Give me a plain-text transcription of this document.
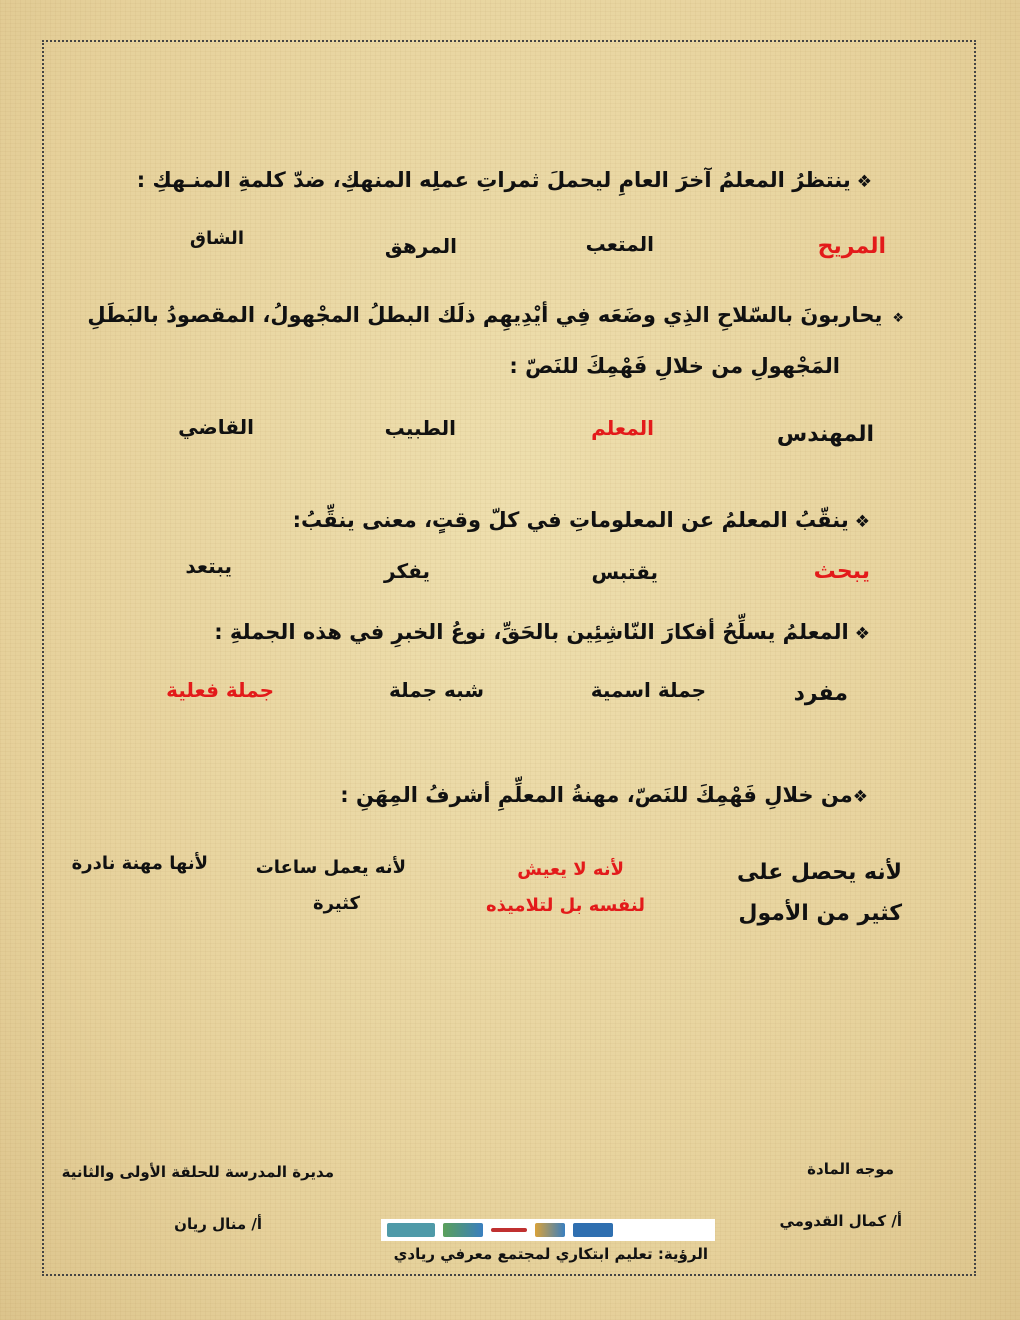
❖ينتظرُ المعلمُ آخرَ العامِ ليحملَ ثمراتِ عملِه المنهكِ، ضدّ كلمةِ المنـهكِ :
المريح
المتعب
المرهق
الشاق
❖يحاربونَ بالسّلاحِ الذِي وضَعَه فِي أيْدِيهِم ذلَك البطلُ المجْهولُ، المقصودُ بالبَطَلِ
المَجْهولِ من خلالِ فَهْمِكَ للنَصّ :
المهندس
المعلم
الطبيب
القاضي
❖ينقّبُ المعلمُ عن المعلوماتِ في كلّ وقتٍ، معنى ينقِّبُ:
يبحث
يقتبس
يفكر
يبتعد
❖المعلمُ يسلِّحُ أفكارَ النّاشِئِين بالحَقِّ، نوعُ الخبرِ في هذه الجملةِ :
مفرد
جملة اسمية
شبه جملة
جملة فعلية
❖من خلالِ فَهْمِكَ للنَصّ، مهنةُ المعلِّمِ أشرفُ المِهَنِ :
لأنه يحصل على
كثير من الأمول
لأنه لا يعيش
لنفسه بل لتلاميذه
لأنه يعمل ساعات
كثيرة
لأنها مهنة نادرة
موجه المادة
أ/ كمال القدومي
مديرة المدرسة للحلقة الأولى والثانية
أ/ منال ريان
الرؤية: تعليم ابتكاري لمجتمع معرفي ريادي
